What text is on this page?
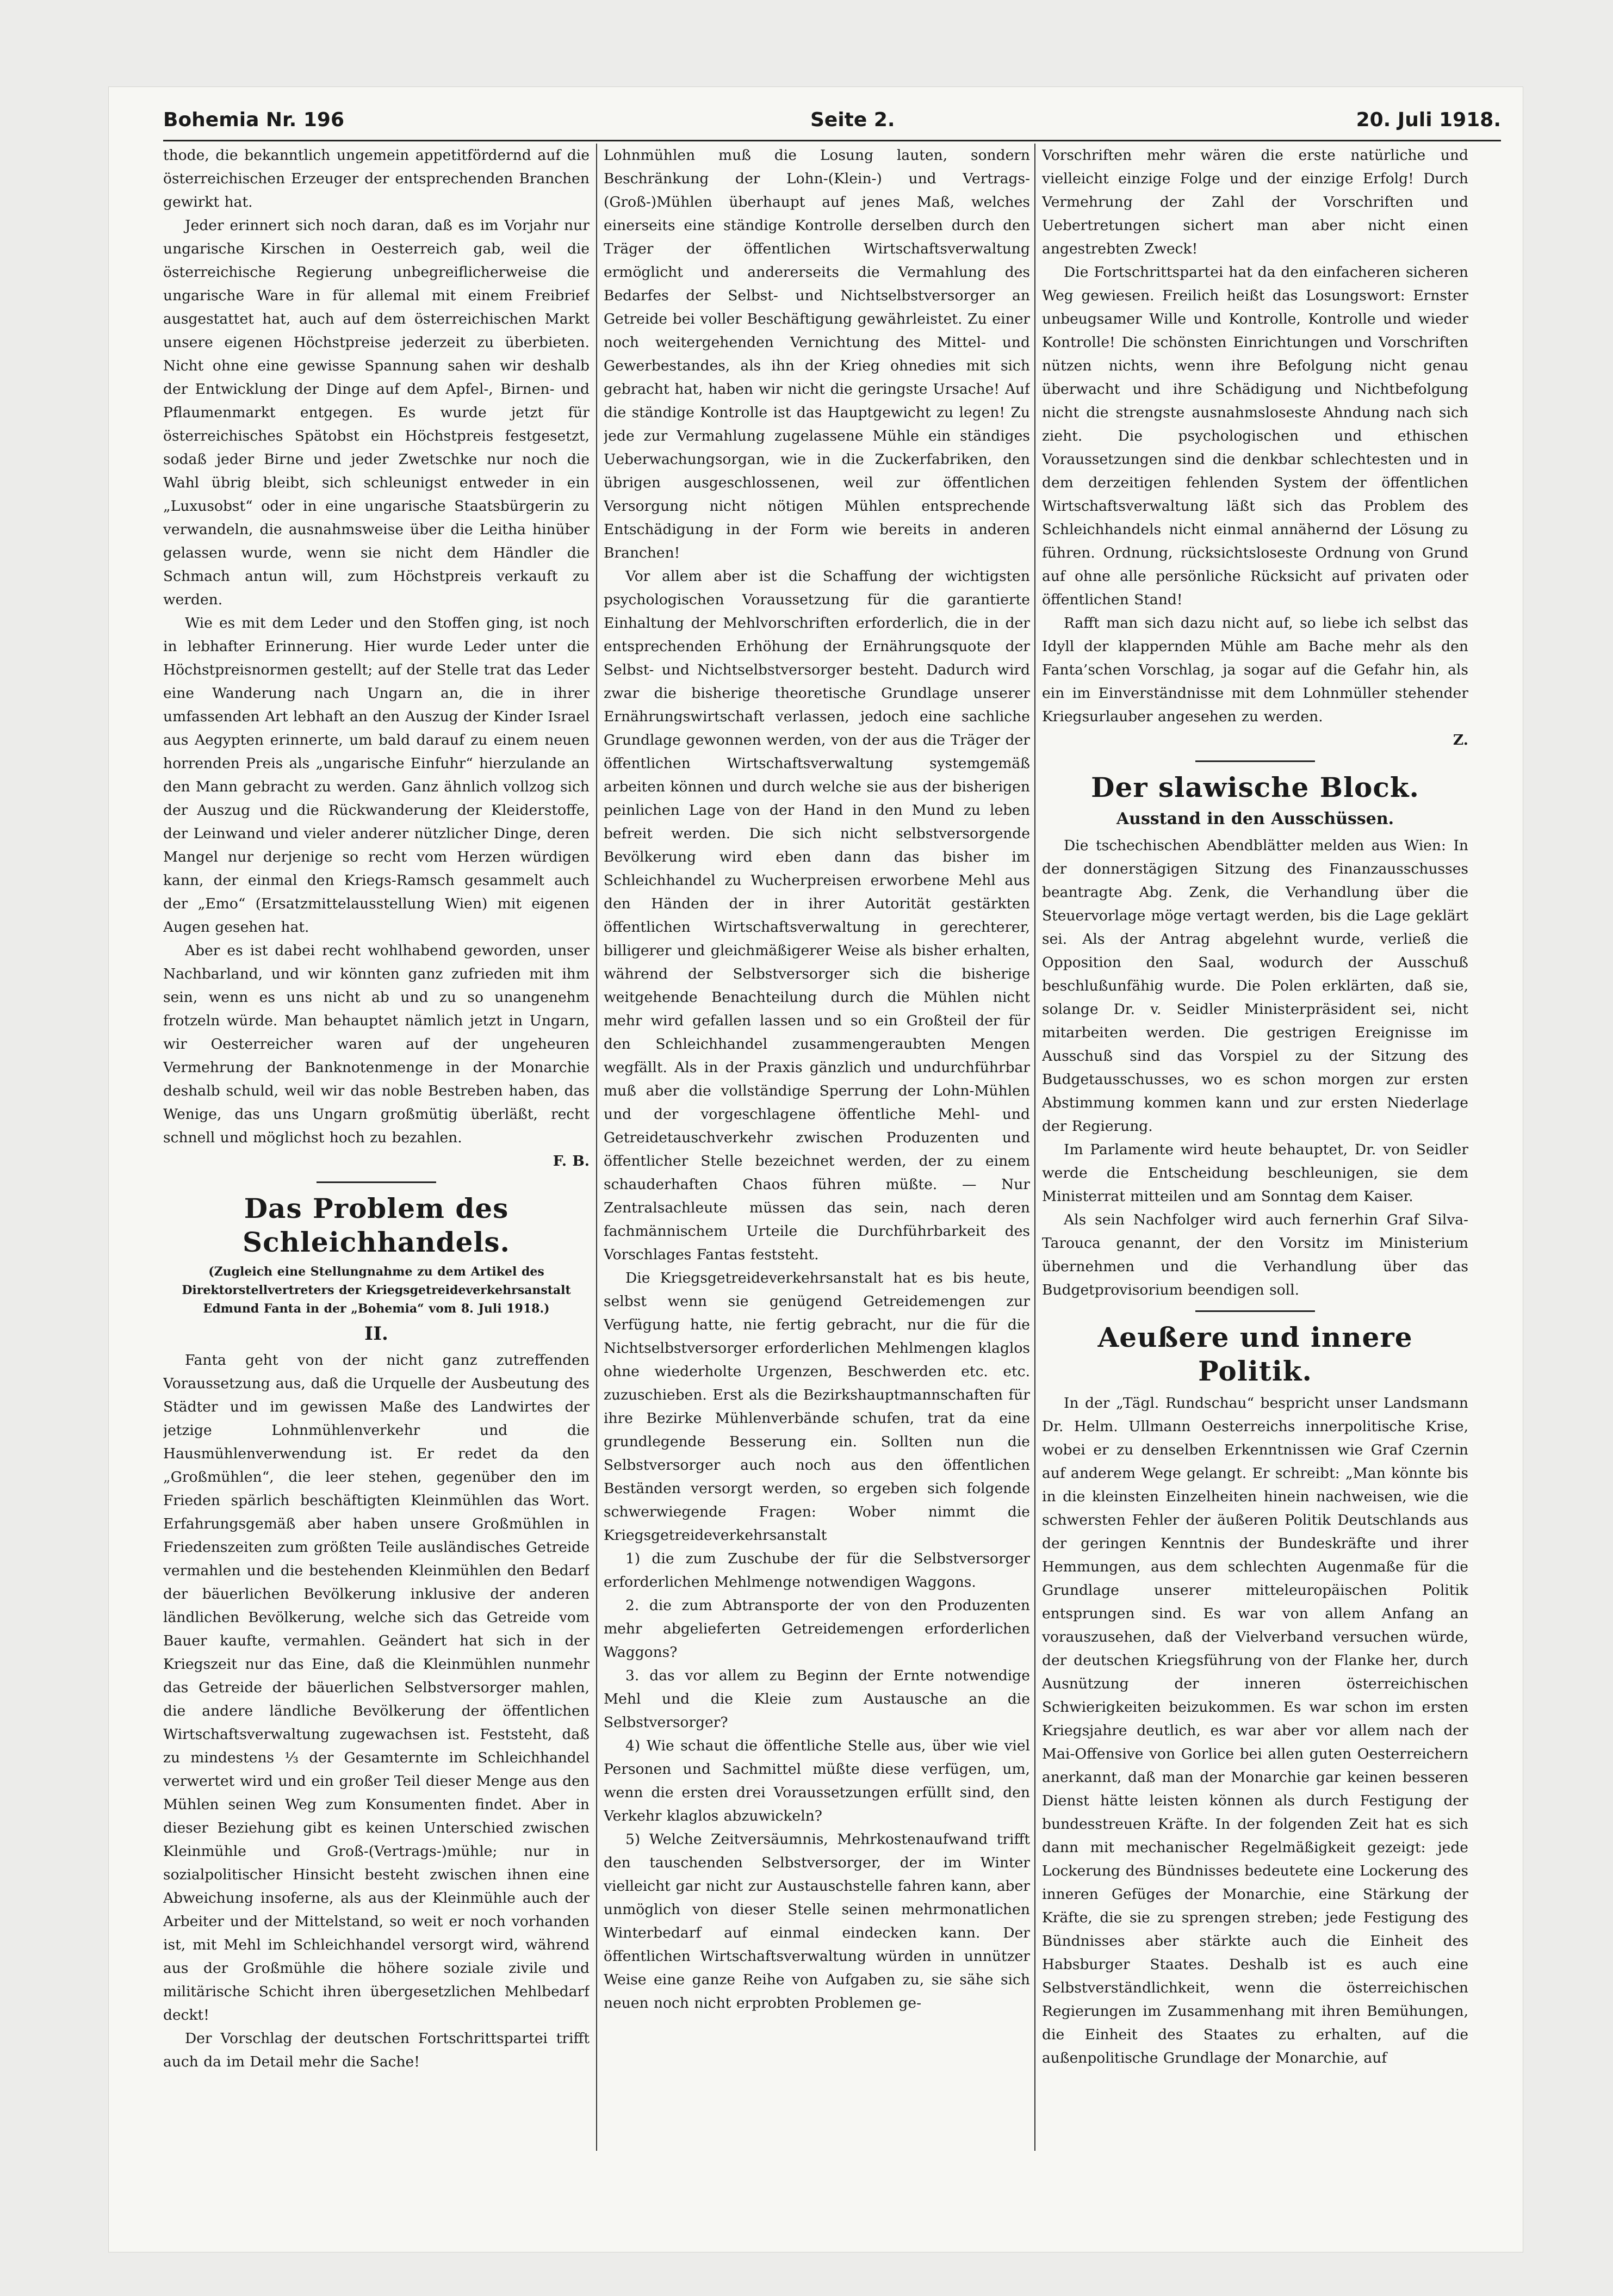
Bohemia Nr. 196	Seite 2.	20. Juli 1918.

thode, die bekanntlich ungemein appetitfördernd auf die österreichischen Erzeuger der entsprechenden Branchen gewirkt hat.

Jeder erinnert sich noch daran, daß es im Vorjahr nur ungarische Kirschen in Oesterreich gab, weil die österreichische Regierung unbegreiflicherweise die ungarische Ware in für allemal mit einem Freibrief ausgestattet hat, auch auf dem österreichischen Markt unsere eigenen Höchstpreise jederzeit zu überbieten. Nicht ohne eine gewisse Spannung sahen wir deshalb der Entwicklung der Dinge auf dem Apfel-, Birnen- und Pflaumenmarkt entgegen. Es wurde jetzt für österreichisches Spätobst ein Höchstpreis festgesetzt, sodaß jeder Birne und jeder Zwetschke nur noch die Wahl übrig bleibt, sich schleunigst entweder in ein „Luxusobst“ oder in eine ungarische Staatsbürgerin zu verwandeln, die ausnahmsweise über die Leitha hinüber gelassen wurde, wenn sie nicht dem Händler die Schmach antun will, zum Höchstpreis verkauft zu werden.

Wie es mit dem Leder und den Stoffen ging, ist noch in lebhafter Erinnerung. Hier wurde Leder unter die Höchstpreisnormen gestellt; auf der Stelle trat das Leder eine Wanderung nach Ungarn an, die in ihrer umfassenden Art lebhaft an den Auszug der Kinder Israel aus Aegypten erinnerte, um bald darauf zu einem neuen horrenden Preis als „ungarische Einfuhr“ hierzulande an den Mann gebracht zu werden. Ganz ähnlich vollzog sich der Auszug und die Rückwanderung der Kleiderstoffe, der Leinwand und vieler anderer nützlicher Dinge, deren Mangel nur derjenige so recht vom Herzen würdigen kann, der einmal den Kriegs-Ramsch gesammelt auch der „Emo“ (Ersatzmittelausstellung Wien) mit eigenen Augen gesehen hat.

Aber es ist dabei recht wohlhabend geworden, unser Nachbarland, und wir könnten ganz zufrieden mit ihm sein, wenn es uns nicht ab und zu so unangenehm frotzeln würde. Man behauptet nämlich jetzt in Ungarn, wir Oesterreicher waren auf der ungeheuren Vermehrung der Banknotenmenge in der Monarchie deshalb schuld, weil wir das noble Bestreben haben, das Wenige, das uns Ungarn großmütig überläßt, recht schnell und möglichst hoch zu bezahlen.

F. B.

Das Problem des Schleichhandels.

(Zugleich eine Stellungnahme zu dem Artikel des Direktorstellvertreters der Kriegsgetreideverkehrsanstalt Edmund Fanta in der „Bohemia“ vom 8. Juli 1918.)

II.

Fanta geht von der nicht ganz zutreffenden Voraussetzung aus, daß die Urquelle der Ausbeutung des Städter und im gewissen Maße des Landwirtes der jetzige Lohnmühlenverkehr und die Hausmühlenverwendung ist. Er redet da den „Großmühlen“, die leer stehen, gegenüber den im Frieden spärlich beschäftigten Kleinmühlen das Wort. Erfahrungsgemäß aber haben unsere Großmühlen in Friedenszeiten zum größten Teile ausländisches Getreide vermahlen und die bestehenden Kleinmühlen den Bedarf der bäuerlichen Bevölkerung inklusive der anderen ländlichen Bevölkerung, welche sich das Getreide vom Bauer kaufte, vermahlen. Geändert hat sich in der Kriegszeit nur das Eine, daß die Kleinmühlen nunmehr das Getreide der bäuerlichen Selbstversorger mahlen, die andere ländliche Bevölkerung der öffentlichen Wirtschaftsverwaltung zugewachsen ist. Feststeht, daß zu mindestens ⅓ der Gesamternte im Schleichhandel verwertet wird und ein großer Teil dieser Menge aus den Mühlen seinen Weg zum Konsumenten findet. Aber in dieser Beziehung gibt es keinen Unterschied zwischen Kleinmühle und Groß-(Vertrags-)mühle; nur in sozialpolitischer Hinsicht besteht zwischen ihnen eine Abweichung insoferne, als aus der Kleinmühle auch der Arbeiter und der Mittelstand, so weit er noch vorhanden ist, mit Mehl im Schleichhandel versorgt wird, während aus der Großmühle die höhere soziale zivile und militärische Schicht ihren übergesetzlichen Mehlbedarf deckt!

Der Vorschlag der deutschen Fortschrittspartei trifft auch da im Detail mehr die Sache!

Lohnmühlen muß die Losung lauten, sondern Beschränkung der Lohn-(Klein-) und Vertrags-(Groß-)Mühlen überhaupt auf jenes Maß, welches einerseits eine ständige Kontrolle derselben durch den Träger der öffentlichen Wirtschaftsverwaltung ermöglicht und andererseits die Vermahlung des Bedarfes der Selbst- und Nichtselbstversorger an Getreide bei voller Beschäftigung gewährleistet. Zu einer noch weitergehenden Vernichtung des Mittel- und Gewerbestandes, als ihn der Krieg ohnedies mit sich gebracht hat, haben wir nicht die geringste Ursache! Auf die ständige Kontrolle ist das Hauptgewicht zu legen! Zu jede zur Vermahlung zugelassene Mühle ein ständiges Ueberwachungsorgan, wie in die Zuckerfabriken, den übrigen ausgeschlossenen, weil zur öffentlichen Versorgung nicht nötigen Mühlen entsprechende Entschädigung in der Form wie bereits in anderen Branchen!

Vor allem aber ist die Schaffung der wichtigsten psychologischen Voraussetzung für die garantierte Einhaltung der Mehlvorschriften erforderlich, die in der entsprechenden Erhöhung der Ernährungsquote der Selbst- und Nichtselbstversorger besteht. Dadurch wird zwar die bisherige theoretische Grundlage unserer Ernährungswirtschaft verlassen, jedoch eine sachliche Grundlage gewonnen werden, von der aus die Träger der öffentlichen Wirtschaftsverwaltung systemgemäß arbeiten können und durch welche sie aus der bisherigen peinlichen Lage von der Hand in den Mund zu leben befreit werden. Die sich nicht selbstversorgende Bevölkerung wird eben dann das bisher im Schleichhandel zu Wucherpreisen erworbene Mehl aus den Händen der in ihrer Autorität gestärkten öffentlichen Wirtschaftsverwaltung in gerechterer, billigerer und gleichmäßigerer Weise als bisher erhalten, während der Selbstversorger sich die bisherige weitgehende Benachteilung durch die Mühlen nicht mehr wird gefallen lassen und so ein Großteil der für den Schleichhandel zusammengeraubten Mengen wegfällt. Als in der Praxis gänzlich und undurchführbar muß aber die vollständige Sperrung der Lohn-Mühlen und der vorgeschlagene öffentliche Mehl- und Getreidetauschverkehr zwischen Produzenten und öffentlicher Stelle bezeichnet werden, der zu einem schauderhaften Chaos führen müßte. — Nur Zentralsachleute müssen das sein, nach deren fachmännischem Urteile die Durchführbarkeit des Vorschlages Fantas feststeht.

Die Kriegsgetreideverkehrsanstalt hat es bis heute, selbst wenn sie genügend Getreidemengen zur Verfügung hatte, nie fertig gebracht, nur die für die Nichtselbstversorger erforderlichen Mehlmengen klaglos ohne wiederholte Urgenzen, Beschwerden etc. etc. zuzuschieben. Erst als die Bezirkshauptmannschaften für ihre Bezirke Mühlenverbände schufen, trat da eine grundlegende Besserung ein. Sollten nun die Selbstversorger auch noch aus den öffentlichen Beständen versorgt werden, so ergeben sich folgende schwerwiegende Fragen: Wober nimmt die Kriegsgetreideverkehrsanstalt

1) die zum Zuschube der für die Selbstversorger erforderlichen Mehlmenge notwendigen Waggons.

2. die zum Abtransporte der von den Produzenten mehr abgelieferten Getreidemengen erforderlichen Waggons?

3. das vor allem zu Beginn der Ernte notwendige Mehl und die Kleie zum Austausche an die Selbstversorger?

4) Wie schaut die öffentliche Stelle aus, über wie viel Personen und Sachmittel müßte diese verfügen, um, wenn die ersten drei Voraussetzungen erfüllt sind, den Verkehr klaglos abzuwickeln?

5) Welche Zeitversäumnis, Mehrkostenaufwand trifft den tauschenden Selbstversorger, der im Winter vielleicht gar nicht zur Austauschstelle fahren kann, aber unmöglich von dieser Stelle seinen mehrmonatlichen Winterbedarf auf einmal eindecken kann. Der öffentlichen Wirtschaftsverwaltung würden in unnützer Weise eine ganze Reihe von Aufgaben zu, sie sähe sich neuen noch nicht erprobten Problemen ge-

Vorschriften mehr wären die erste natürliche und vielleicht einzige Folge und der einzige Erfolg! Durch Vermehrung der Zahl der Vorschriften und Uebertretungen sichert man aber nicht einen angestrebten Zweck!

Die Fortschrittspartei hat da den einfacheren sicheren Weg gewiesen. Freilich heißt das Losungswort: Ernster unbeugsamer Wille und Kontrolle, Kontrolle und wieder Kontrolle! Die schönsten Einrichtungen und Vorschriften nützen nichts, wenn ihre Befolgung nicht genau überwacht und ihre Schädigung und Nichtbefolgung nicht die strengste ausnahmsloseste Ahndung nach sich zieht. Die psychologischen und ethischen Voraussetzungen sind die denkbar schlechtesten und in dem derzeitigen fehlenden System der öffentlichen Wirtschaftsverwaltung läßt sich das Problem des Schleichhandels nicht einmal annähernd der Lösung zu führen. Ordnung, rücksichtsloseste Ordnung von Grund auf ohne alle persönliche Rücksicht auf privaten oder öffentlichen Stand!

Rafft man sich dazu nicht auf, so liebe ich selbst das Idyll der klappernden Mühle am Bache mehr als den Fanta’schen Vorschlag, ja sogar auf die Gefahr hin, als ein im Einverständnisse mit dem Lohnmüller stehender Kriegsurlauber angesehen zu werden.

Z.

Der slawische Block.
Ausstand in den Ausschüssen.

Die tschechischen Abendblätter melden aus Wien: In der donnerstägigen Sitzung des Finanzausschusses beantragte Abg. Zenk, die Verhandlung über die Steuervorlage möge vertagt werden, bis die Lage geklärt sei. Als der Antrag abgelehnt wurde, verließ die Opposition den Saal, wodurch der Ausschuß beschlußunfähig wurde. Die Polen erklärten, daß sie, solange Dr. v. Seidler Ministerpräsident sei, nicht mitarbeiten werden. Die gestrigen Ereignisse im Ausschuß sind das Vorspiel zu der Sitzung des Budgetausschusses, wo es schon morgen zur ersten Abstimmung kommen kann und zur ersten Niederlage der Regierung.

Im Parlamente wird heute behauptet, Dr. von Seidler werde die Entscheidung beschleunigen, sie dem Ministerrat mitteilen und am Sonntag dem Kaiser.

Als sein Nachfolger wird auch fernerhin Graf Silva-Tarouca genannt, der den Vorsitz im Ministerium übernehmen und die Verhandlung über das Budgetprovisorium beendigen soll.

Aeußere und innere Politik.

In der „Tägl. Rundschau“ bespricht unser Landsmann Dr. Helm. Ullmann Oesterreichs innerpolitische Krise, wobei er zu denselben Erkenntnissen wie Graf Czernin auf anderem Wege gelangt. Er schreibt: „Man könnte bis in die kleinsten Einzelheiten hinein nachweisen, wie die schwersten Fehler der äußeren Politik Deutschlands aus der geringen Kenntnis der Bundeskräfte und ihrer Hemmungen, aus dem schlechten Augenmaße für die Grundlage unserer mitteleuropäischen Politik entsprungen sind. Es war von allem Anfang an vorauszusehen, daß der Vielverband versuchen würde, der deutschen Kriegsführung von der Flanke her, durch Ausnützung der inneren österreichischen Schwierigkeiten beizukommen. Es war schon im ersten Kriegsjahre deutlich, es war aber vor allem nach der Mai-Offensive von Gorlice bei allen guten Oesterreichern anerkannt, daß man der Monarchie gar keinen besseren Dienst hätte leisten können als durch Festigung der bundesstreuen Kräfte. In der folgenden Zeit hat es sich dann mit mechanischer Regelmäßigkeit gezeigt: jede Lockerung des Bündnisses bedeutete eine Lockerung des inneren Gefüges der Monarchie, eine Stärkung der Kräfte, die sie zu sprengen streben; jede Festigung des Bündnisses aber stärkte auch die Einheit des Habsburger Staates. Deshalb ist es auch eine Selbstverständlichkeit, wenn die österreichischen Regierungen im Zusammenhang mit ihren Bemühungen, die Einheit des Staates zu erhalten, auf die außenpolitische Grundlage der Monarchie, auf
